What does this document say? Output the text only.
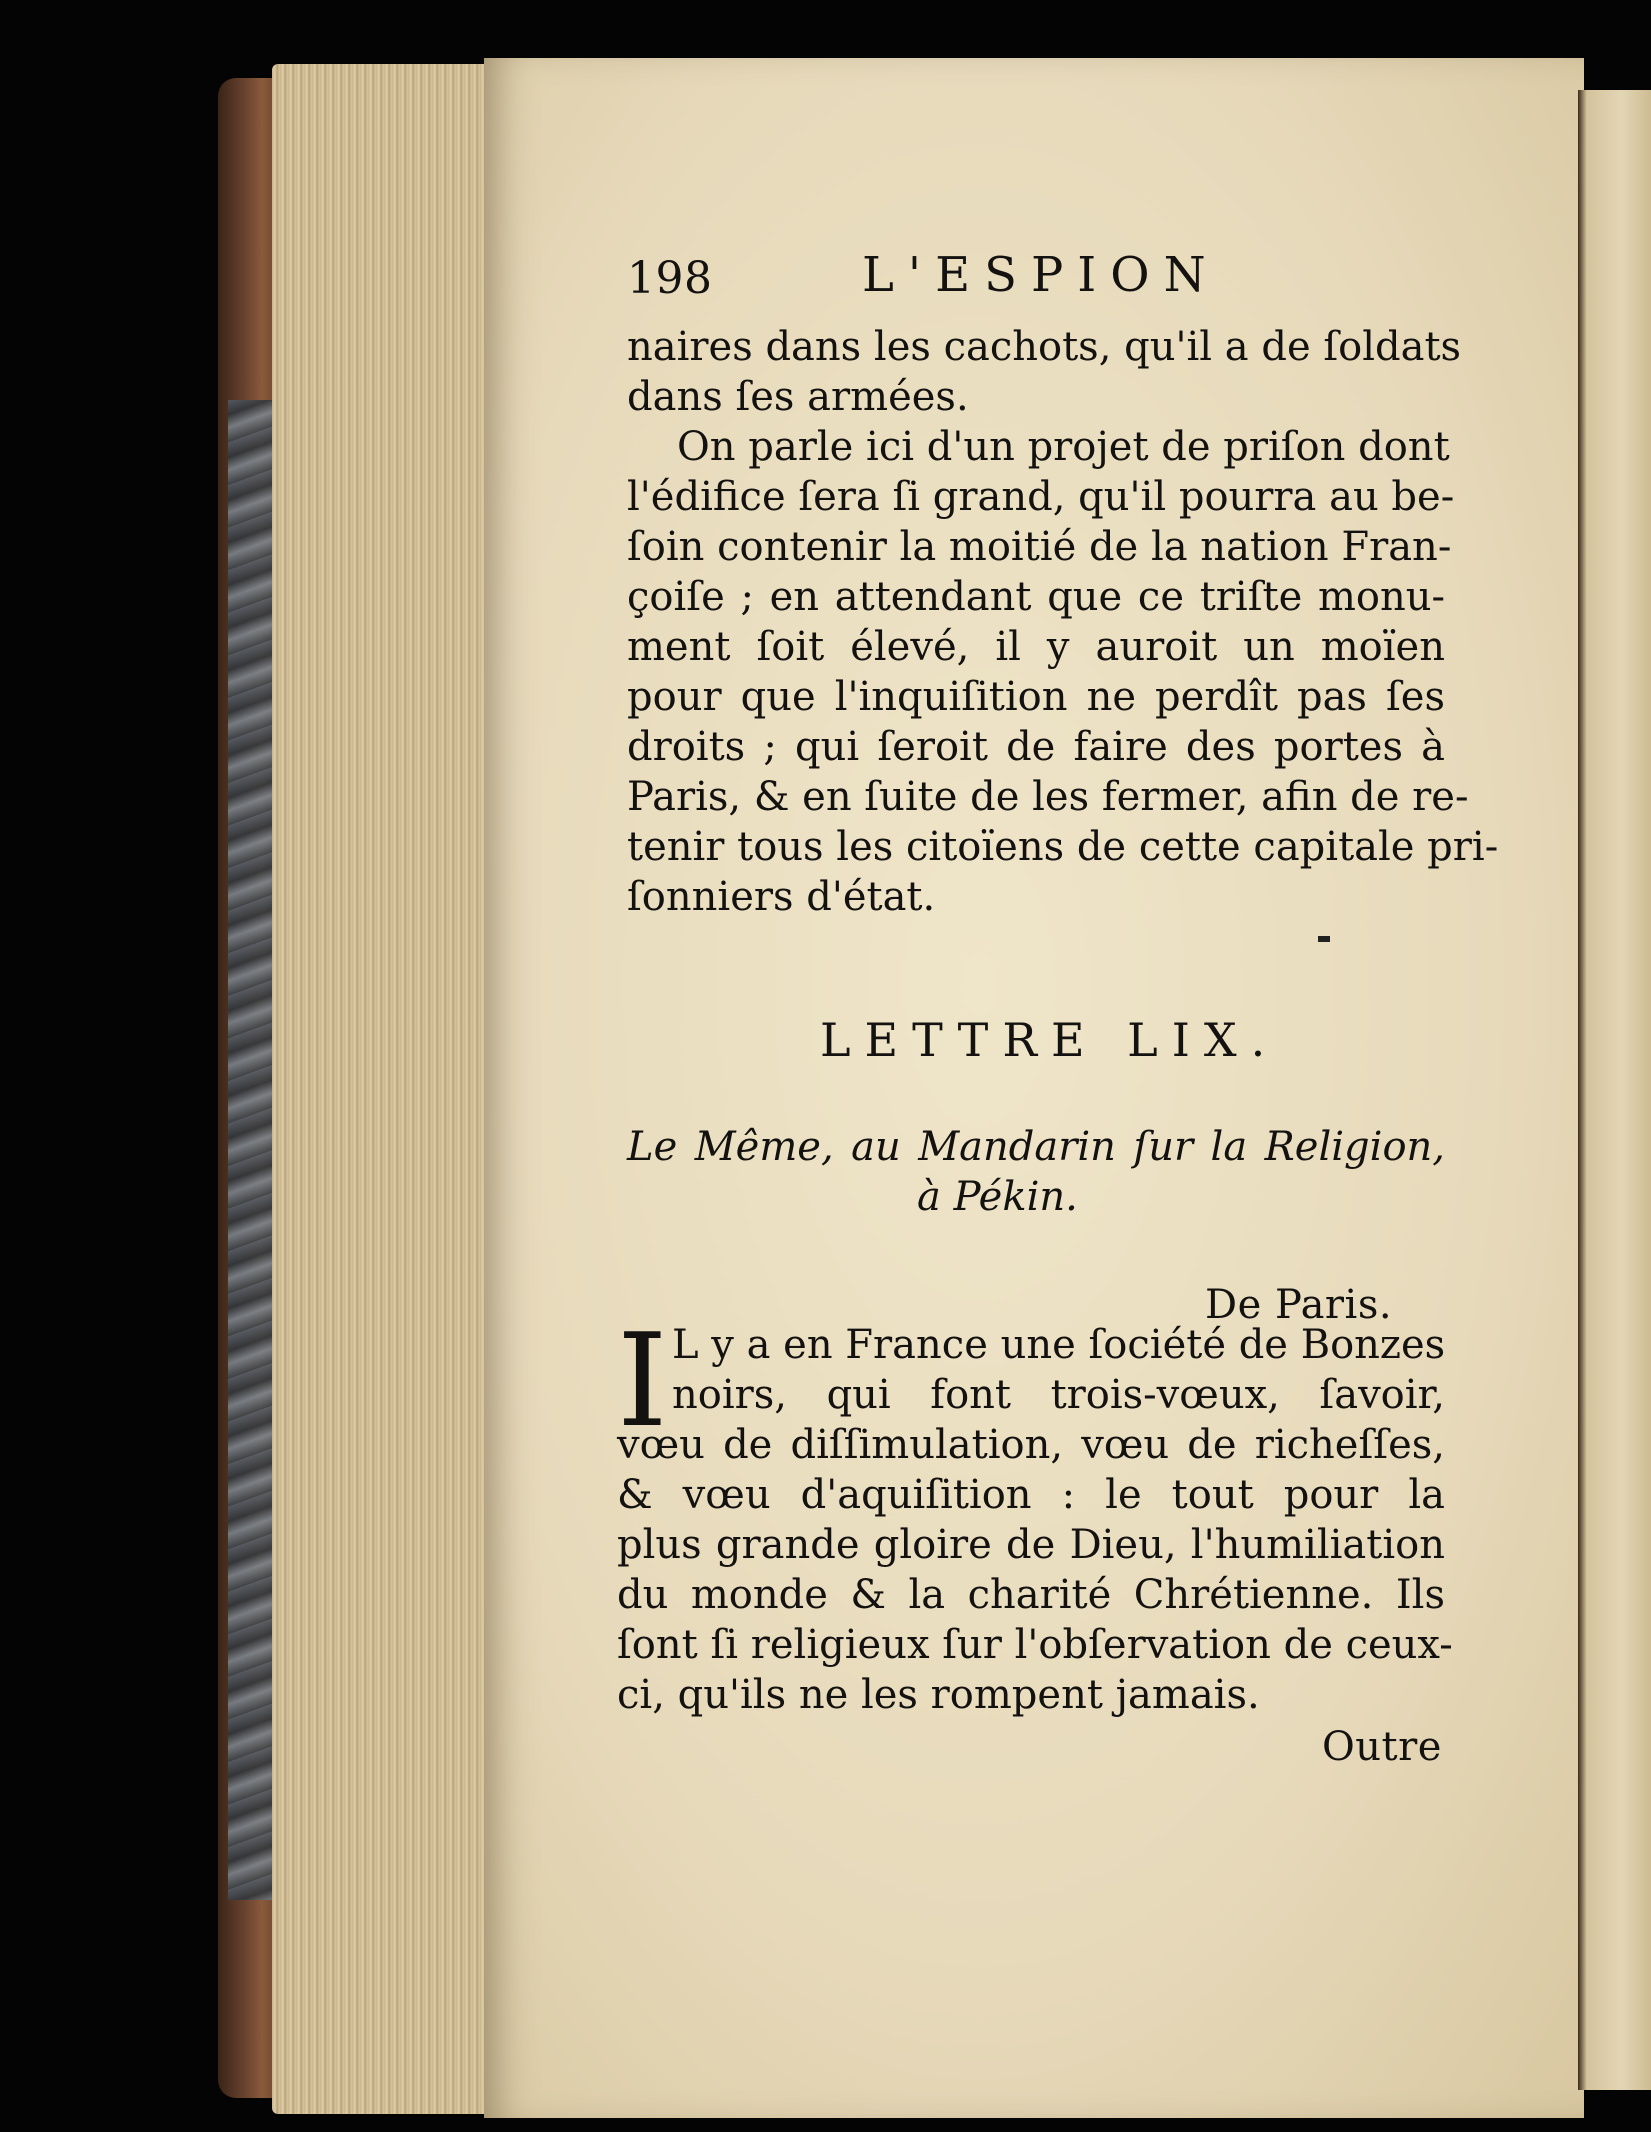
198	L'ESPION
naires dans les cachots, qu'il a de ſoldats
dans ſes armées.
On parle ici d'un projet de priſon dont
l'édifice ſera ſi grand, qu'il pourra au be-
ſoin contenir la moitié de la nation Fran-
çoiſe ; en attendant que ce triſte monu-
ment ſoit élevé, il y auroit un moïen
pour que l'inquiſition ne perdît pas ſes
droits ; qui ſeroit de faire des portes à
Paris, & en ſuite de les fermer, afin de re-
tenir tous les citoïens de cette capitale pri-
ſonniers d'état.
LETTRE LIX.
Le Même, au Mandarin ſur la Religion,
à Pékin.
De Paris.
I L y a en France une ſociété de Bonzes
noirs, qui font trois-vœux, ſavoir,
vœu de diſſimulation, vœu de richeſſes,
& vœu d'aquiſition : le tout pour la
plus grande gloire de Dieu, l'humiliation
du monde & la charité Chrétienne. Ils
ſont ſi religieux ſur l'obſervation de ceux-
ci, qu'ils ne les rompent jamais.
Outre
